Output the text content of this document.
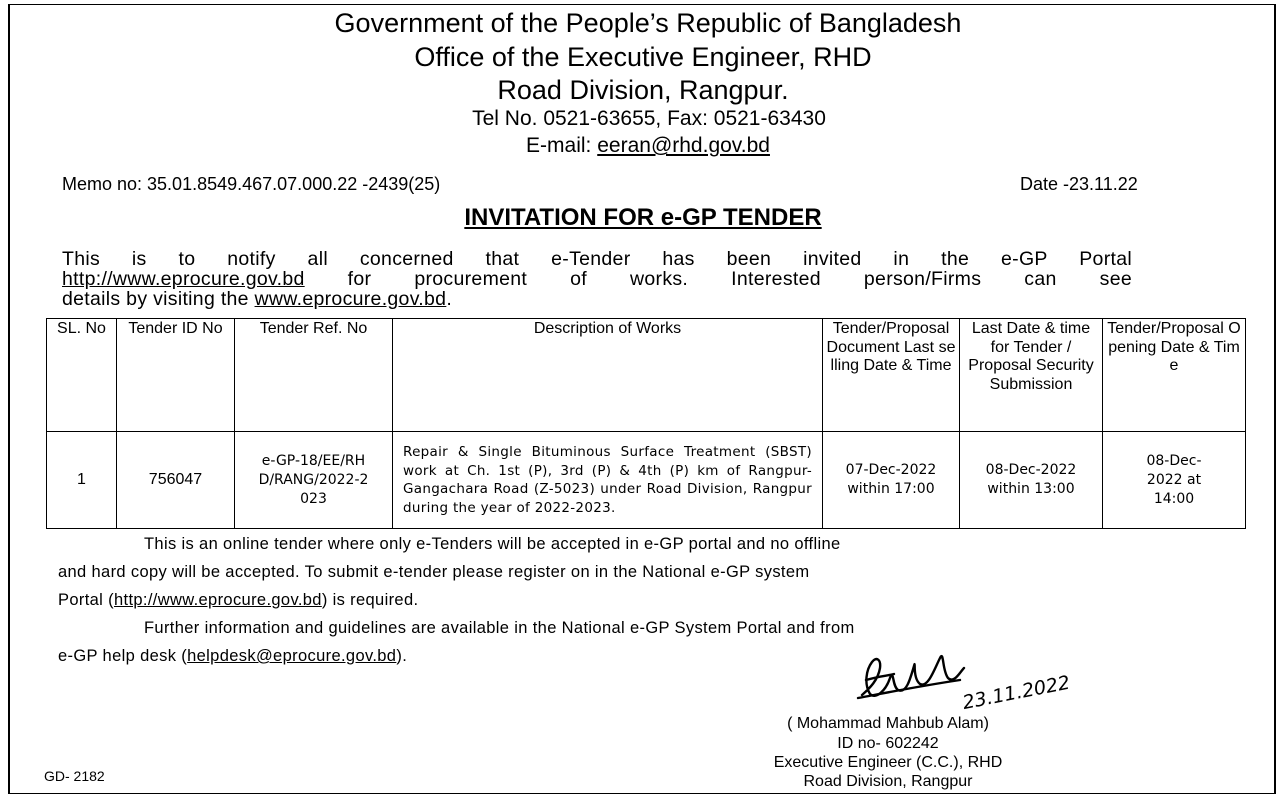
Government of the People’s Republic of Bangladesh
Office of the Executive Engineer, RHD
Road Division, Rangpur.
Tel No. 0521-63655, Fax: 0521-63430
E-mail: eeran@rhd.gov.bd
Memo no: 35.01.8549.467.07.000.22 -2439(25)	Date -23.11.22
INVITATION FOR e-GP TENDER
This is to notify all concerned that e-Tender has been invited in the e-GP Portal
http://www.eprocure.gov.bd for procurement of works. Interested person/Firms can see
details by visiting the www.eprocure.gov.bd.
SL. No	Tender ID No	Tender Ref. No	Description of Works	Tender/Proposal Document Last selling Date & Time	Last Date & time for Tender / Proposal Security Submission	Tender/Proposal Opening Date & Time
1	756047	e-GP-18/EE/RHD/RANG/2022-2023	Repair & Single Bituminous Surface Treatment (SBST) work at Ch. 1st (P), 3rd (P) & 4th (P) km of Rangpur-Gangachara Road (Z-5023) under Road Division, Rangpur during the year of 2022-2023.	07-Dec-2022 within 17:00	08-Dec-2022 within 13:00	08-Dec-2022 at 14:00
This is an online tender where only e-Tenders will be accepted in e-GP portal and no offline
and hard copy will be accepted. To submit e-tender please register on in the National e-GP system
Portal (http://www.eprocure.gov.bd) is required.
Further information and guidelines are available in the National e-GP System Portal and from
e-GP help desk (helpdesk@eprocure.gov.bd).
23.11.2022
( Mohammad Mahbub Alam)
ID no- 602242
Executive Engineer (C.C.), RHD
Road Division, Rangpur
GD- 2182
